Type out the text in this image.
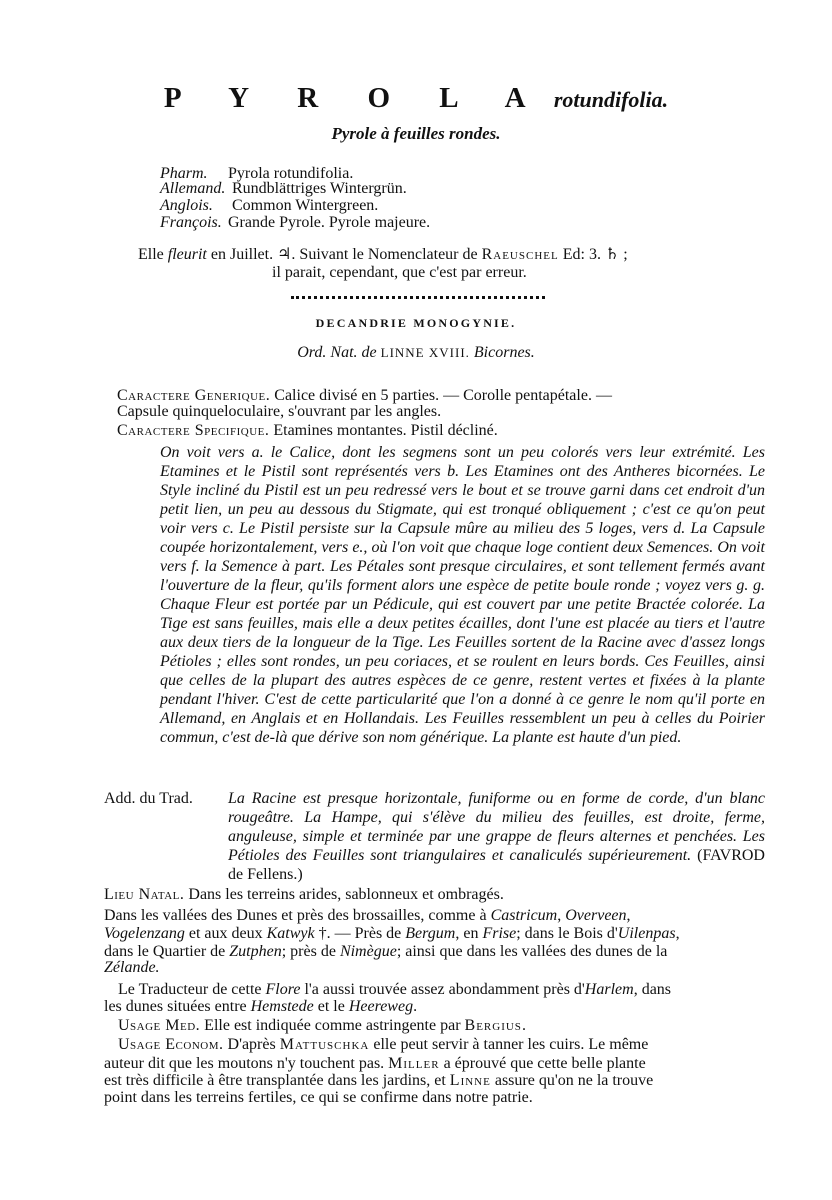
P Y R O L A rotundifolia.
Pyrole à feuilles rondes.
Pharm. Pyrola rotundifolia.
Allemand. Rundblättriges Wintergrün.
Anglois. Common Wintergreen.
François. Grande Pyrole. Pyrole majeure.
Elle fleurit en Juillet. ♃. Suivant le Nomenclateur de Raeuschel Ed: 3. ♄ ;
il parait, cependant, que c'est par erreur.
DECANDRIE MONOGYNIE.
Ord. Nat. de LINNE XVIII. Bicornes.
Caractere Generique. Calice divisé en 5 parties. — Corolle pentapétale. —
Capsule quinqueloculaire, s'ouvrant par les angles.
Caractere Specifique. Etamines montantes. Pistil décliné.
On voit vers a. le Calice, dont les segmens sont un peu colorés vers leur extrémité. Les Etamines et le Pistil sont représentés vers b. Les Etamines ont des Antheres bicornées. Le Style incliné du Pistil est un peu redressé vers le bout et se trouve garni dans cet endroit d'un petit lien, un peu au dessous du Stigmate, qui est tronqué obliquement ; c'est ce qu'on peut voir vers c. Le Pistil persiste sur la Capsule mûre au milieu des 5 loges, vers d. La Capsule coupée horizontalement, vers e., où l'on voit que chaque loge contient deux Semences. On voit vers f. la Semence à part. Les Pétales sont presque circulaires, et sont tellement fermés avant l'ouverture de la fleur, qu'ils forment alors une espèce de petite boule ronde ; voyez vers g. g. Chaque Fleur est portée par un Pédicule, qui est couvert par une petite Bractée colorée. La Tige est sans feuilles, mais elle a deux petites écailles, dont l'une est placée au tiers et l'autre aux deux tiers de la longueur de la Tige. Les Feuilles sortent de la Racine avec d'assez longs Pétioles ; elles sont rondes, un peu coriaces, et se roulent en leurs bords. Ces Feuilles, ainsi que celles de la plupart des autres espèces de ce genre, restent vertes et fixées à la plante pendant l'hiver. C'est de cette particularité que l'on a donné à ce genre le nom qu'il porte en Allemand, en Anglais et en Hollandais. Les Feuilles ressemblent un peu à celles du Poirier commun, c'est de-là que dérive son nom générique. La plante est haute d'un pied.
Add. du Trad. La Racine est presque horizontale, funiforme ou en forme de corde, d'un blanc rougeâtre. La Hampe, qui s'élève du milieu des feuilles, est droite, ferme, anguleuse, simple et terminée par une grappe de fleurs alternes et penchées. Les Pétioles des Feuilles sont triangulaires et canaliculés supérieurement. (FAVROD de Fellens.)
Lieu Natal. Dans les terreins arides, sablonneux et ombragés.
Dans les vallées des Dunes et près des brossailles, comme à Castricum, Overveen,
Vogelenzang et aux deux Katwyk †. — Près de Bergum, en Frise; dans le Bois d'Uilenpas,
dans le Quartier de Zutphen; près de Nimègue; ainsi que dans les vallées des dunes de la
Zélande.
Le Traducteur de cette Flore l'a aussi trouvée assez abondamment près d'Harlem, dans
les dunes situées entre Hemstede et le Heereweg.
Usage Med. Elle est indiquée comme astringente par Bergius.
Usage Econom. D'après Mattuschka elle peut servir à tanner les cuirs. Le même
auteur dit que les moutons n'y touchent pas. Miller a éprouvé que cette belle plante
est très difficile à être transplantée dans les jardins, et Linne assure qu'on ne la trouve
point dans les terreins fertiles, ce qui se confirme dans notre patrie.
